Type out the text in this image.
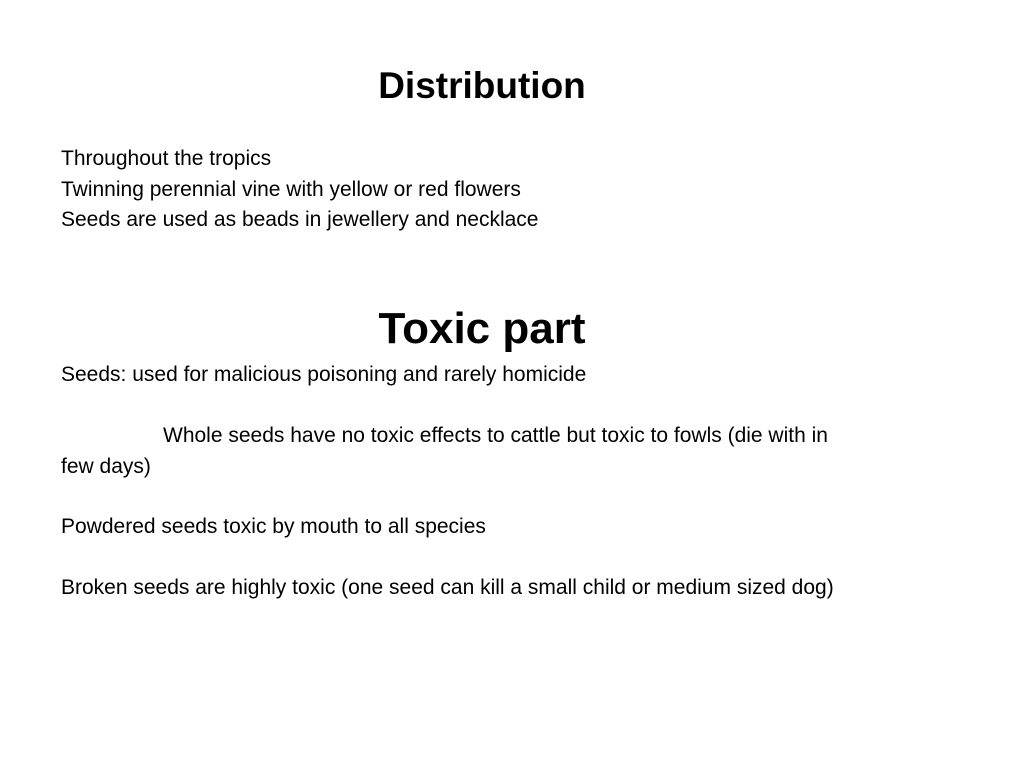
Distribution
Throughout the tropics
Twinning perennial vine with yellow or red flowers
Seeds are used as beads in jewellery and necklace
Toxic part

Seeds: used for malicious poisoning and rarely homicide

Whole seeds have no toxic effects to cattle but toxic to fowls (die with in
few days)

Powdered seeds toxic by mouth to all species

Broken seeds are highly toxic (one seed can kill a small child or medium sized dog)
